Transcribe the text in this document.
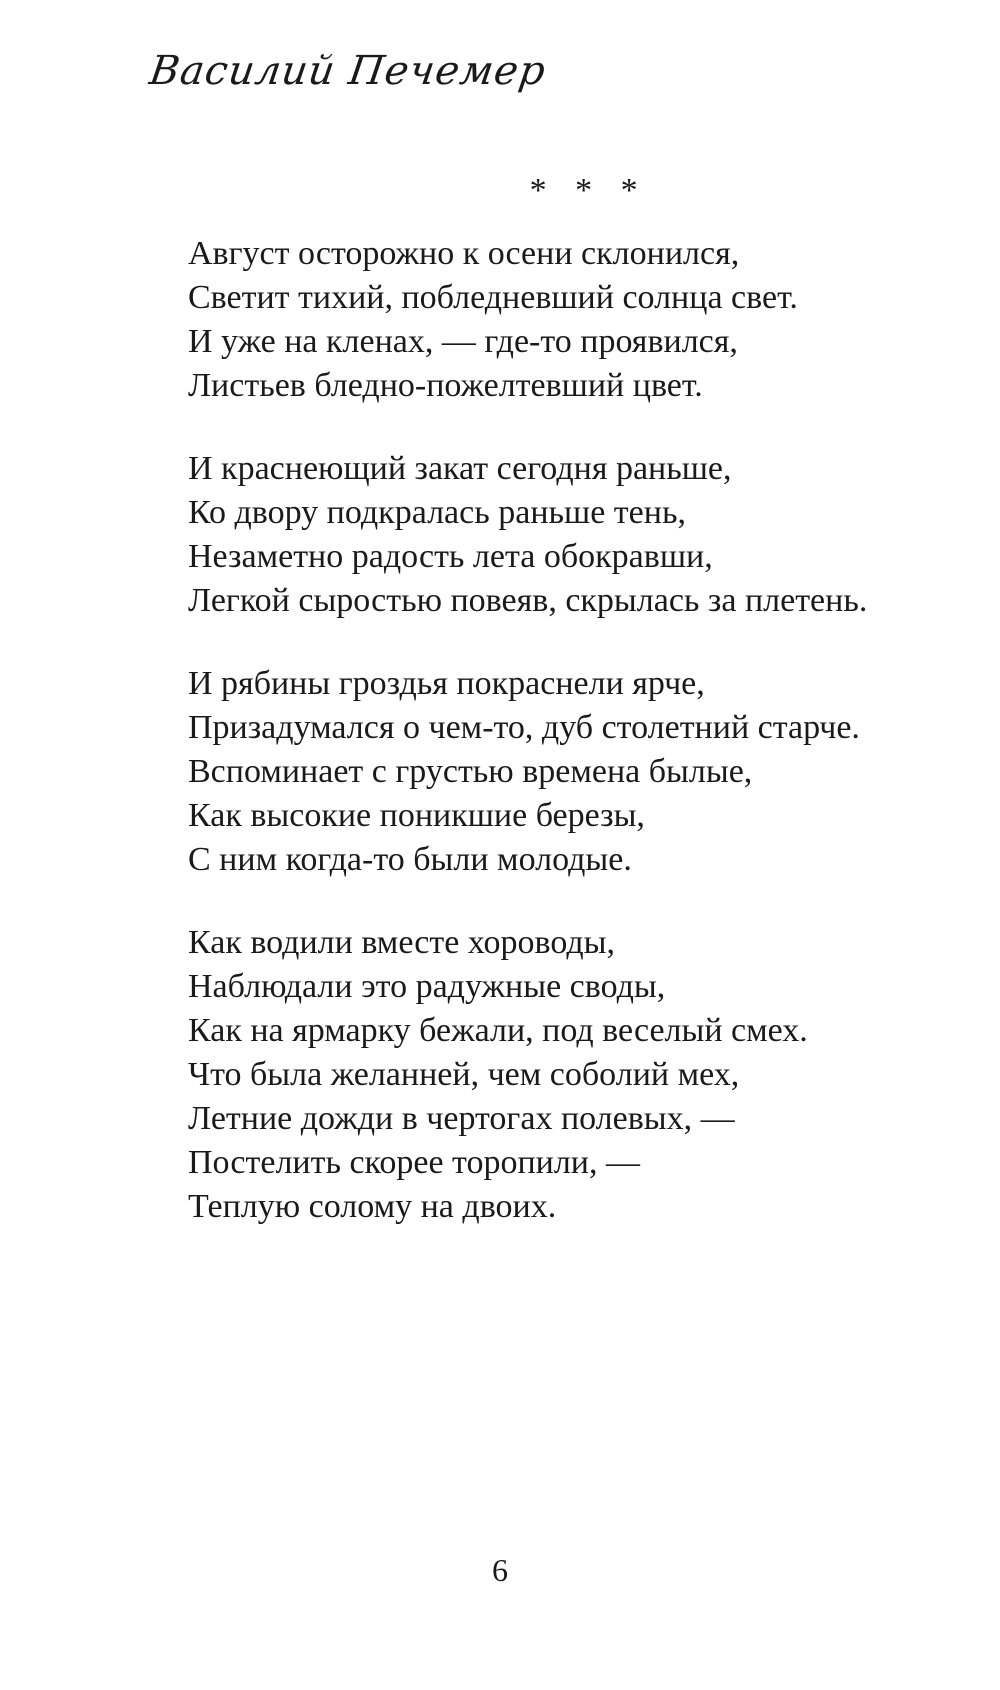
Василий Печемер
* * *
Август осторожно к осени склонился,
Светит тихий, побледневший солнца свет.
И уже на кленах, — где-то проявился,
Листьев бледно-пожелтевший цвет.
И краснеющий закат сегодня раньше,
Ко двору подкралась раньше тень,
Незаметно радость лета обокравши,
Легкой сыростью повеяв, скрылась за плетень.
И рябины гроздья покраснели ярче,
Призадумался о чем-то, дуб столетний старче.
Вспоминает с грустью времена былые,
Как высокие поникшие березы,
С ним когда-то были молодые.
Как водили вместе хороводы,
Наблюдали это радужные своды,
Как на ярмарку бежали, под веселый смех.
Что была желанней, чем соболий мех,
Летние дожди в чертогах полевых, —
Постелить скорее торопили, —
Теплую солому на двоих.
6
